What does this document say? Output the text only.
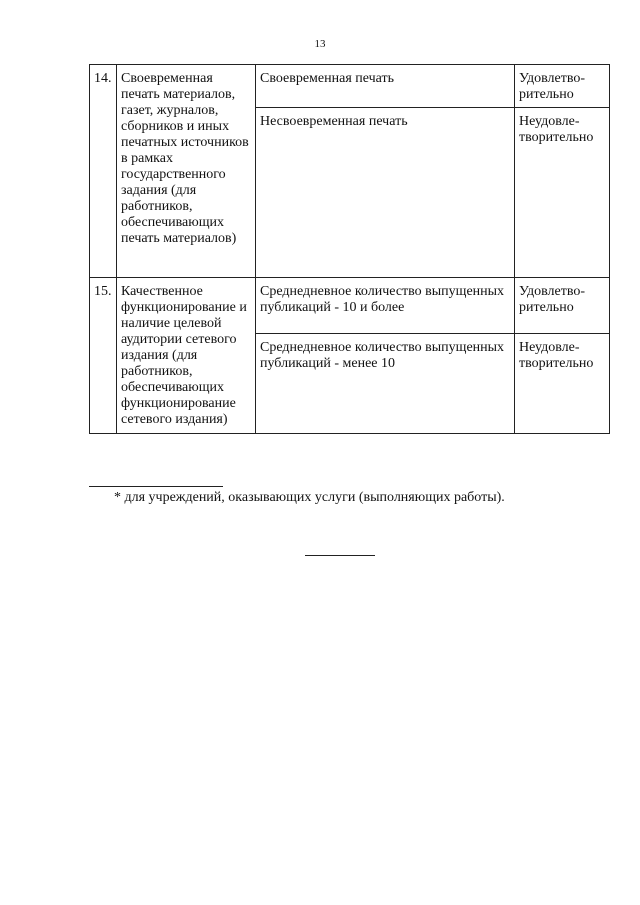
13
14.	Своевременная печать материалов, газет, журналов, сборников и иных печатных источников в рамках государственного задания (для работников, обеспечивающих печать материалов)	Своевременная печать	Удовлетво-рительно
		Несвоевременная печать	Неудовле-творительно
15.	Качественное функционирование и наличие целевой аудитории сетевого издания (для работников, обеспечивающих функционирование сетевого издания)	Среднедневное количество выпущенных публикаций - 10 и более	Удовлетво-рительно
		Среднедневное количество выпущенных публикаций - менее 10	Неудовле-творительно
* для учреждений, оказывающих услуги (выполняющих работы).
